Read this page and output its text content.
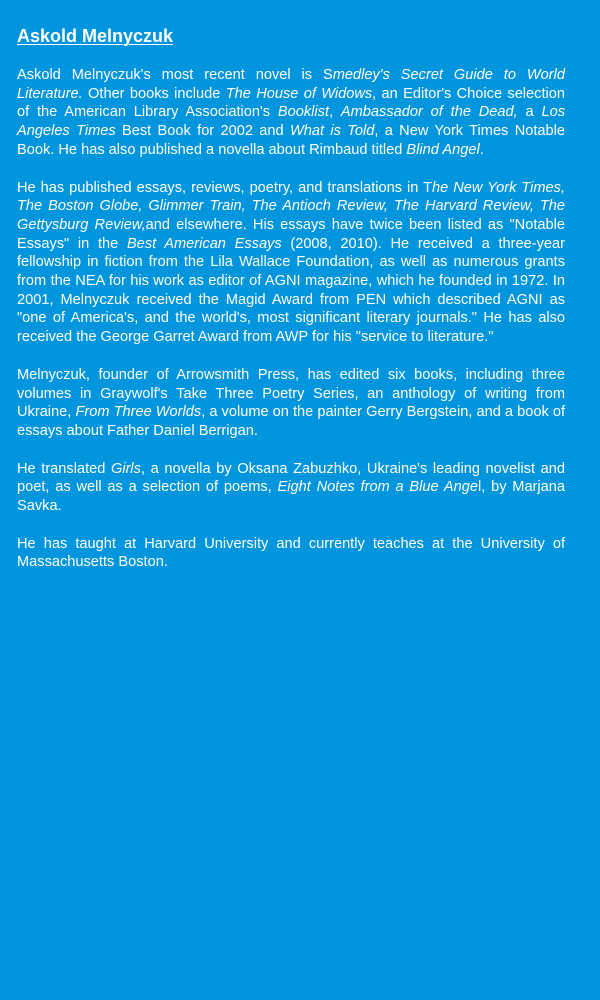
Askold Melnyczuk

Askold Melnyczuk's most recent novel is Smedley's Secret Guide to World Literature. Other books include The House of Widows, an Editor's Choice selection of the American Library Association's Booklist, Ambassador of the Dead, a Los Angeles Times Best Book for 2002 and What is Told, a New York Times Notable Book. He has also published a novella about Rimbaud titled Blind Angel.

He has published essays, reviews, poetry, and translations in The New York Times, The Boston Globe, Glimmer Train, The Antioch Review, The Harvard Review, The Gettysburg Review,and elsewhere. His essays have twice been listed as "Notable Essays" in the Best American Essays (2008, 2010). He received a three-year fellowship in fiction from the Lila Wallace Foundation, as well as numerous grants from the NEA for his work as editor of AGNI magazine, which he founded in 1972. In 2001, Melnyczuk received the Magid Award from PEN which described AGNI as "one of America's, and the world's, most significant literary journals." He has also received the George Garret Award from AWP for his "service to literature."

Melnyczuk, founder of Arrowsmith Press, has edited six books, including three volumes in Graywolf's Take Three Poetry Series, an anthology of writing from Ukraine, From Three Worlds, a volume on the painter Gerry Bergstein, and a book of essays about Father Daniel Berrigan.

He translated Girls, a novella by Oksana Zabuzhko, Ukraine's leading novelist and poet, as well as a selection of poems, Eight Notes from a Blue Angel, by Marjana Savka.

He has taught at Harvard University and currently teaches at the University of Massachusetts Boston.
